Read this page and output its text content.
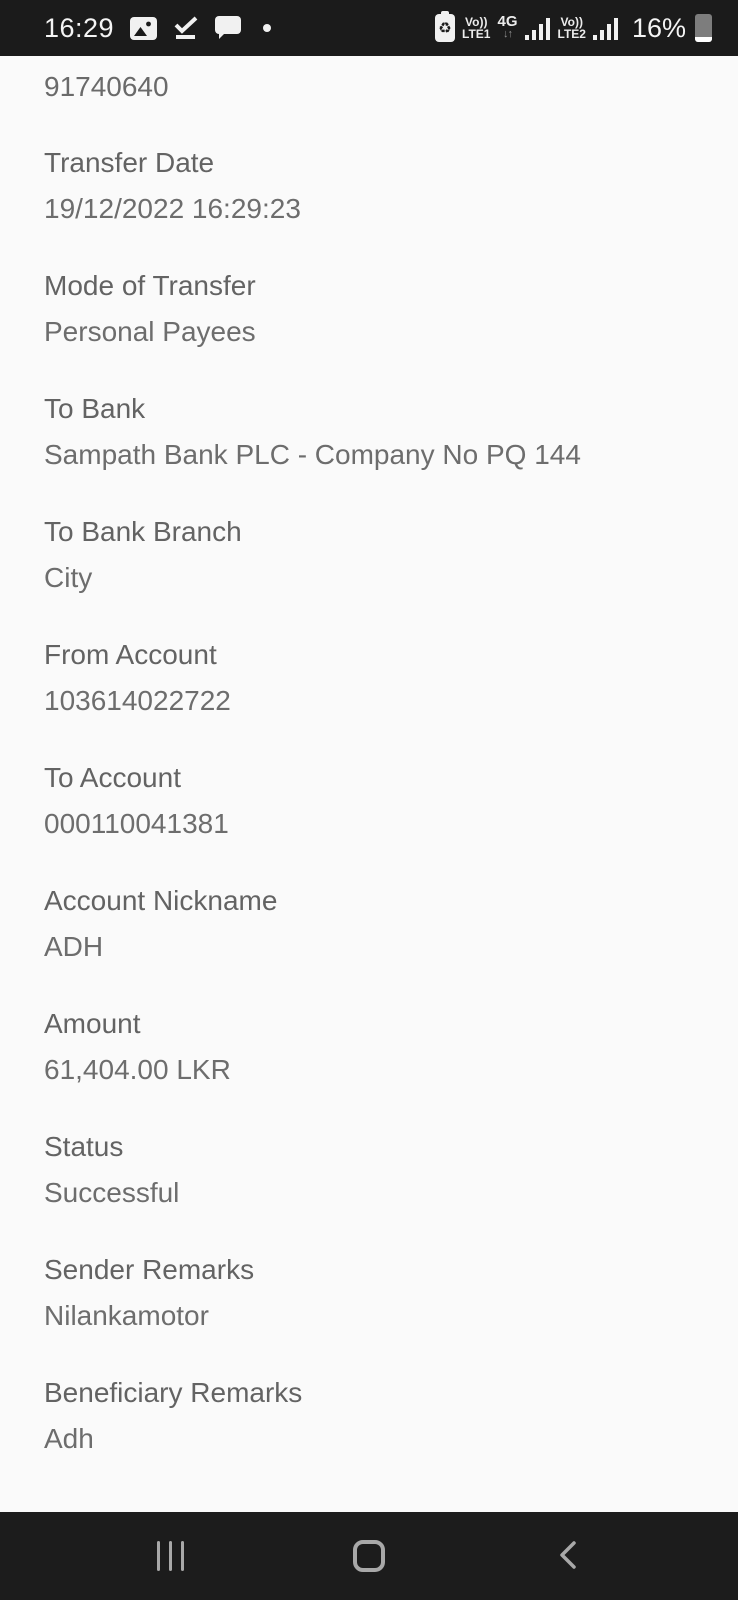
16:29	♻ Vo))
LTE1
4G
↓↑
Vo))
LTE2 16%
91740640
Transfer Date
19/12/2022 16:29:23
Mode of Transfer
Personal Payees
To Bank
Sampath Bank PLC - Company No PQ 144
To Bank Branch
City
From Account
103614022722
To Account
000110041381
Account Nickname
ADH
Amount
61,404.00 LKR
Status
Successful
Sender Remarks
Nilankamotor
Beneficiary Remarks
Adh
